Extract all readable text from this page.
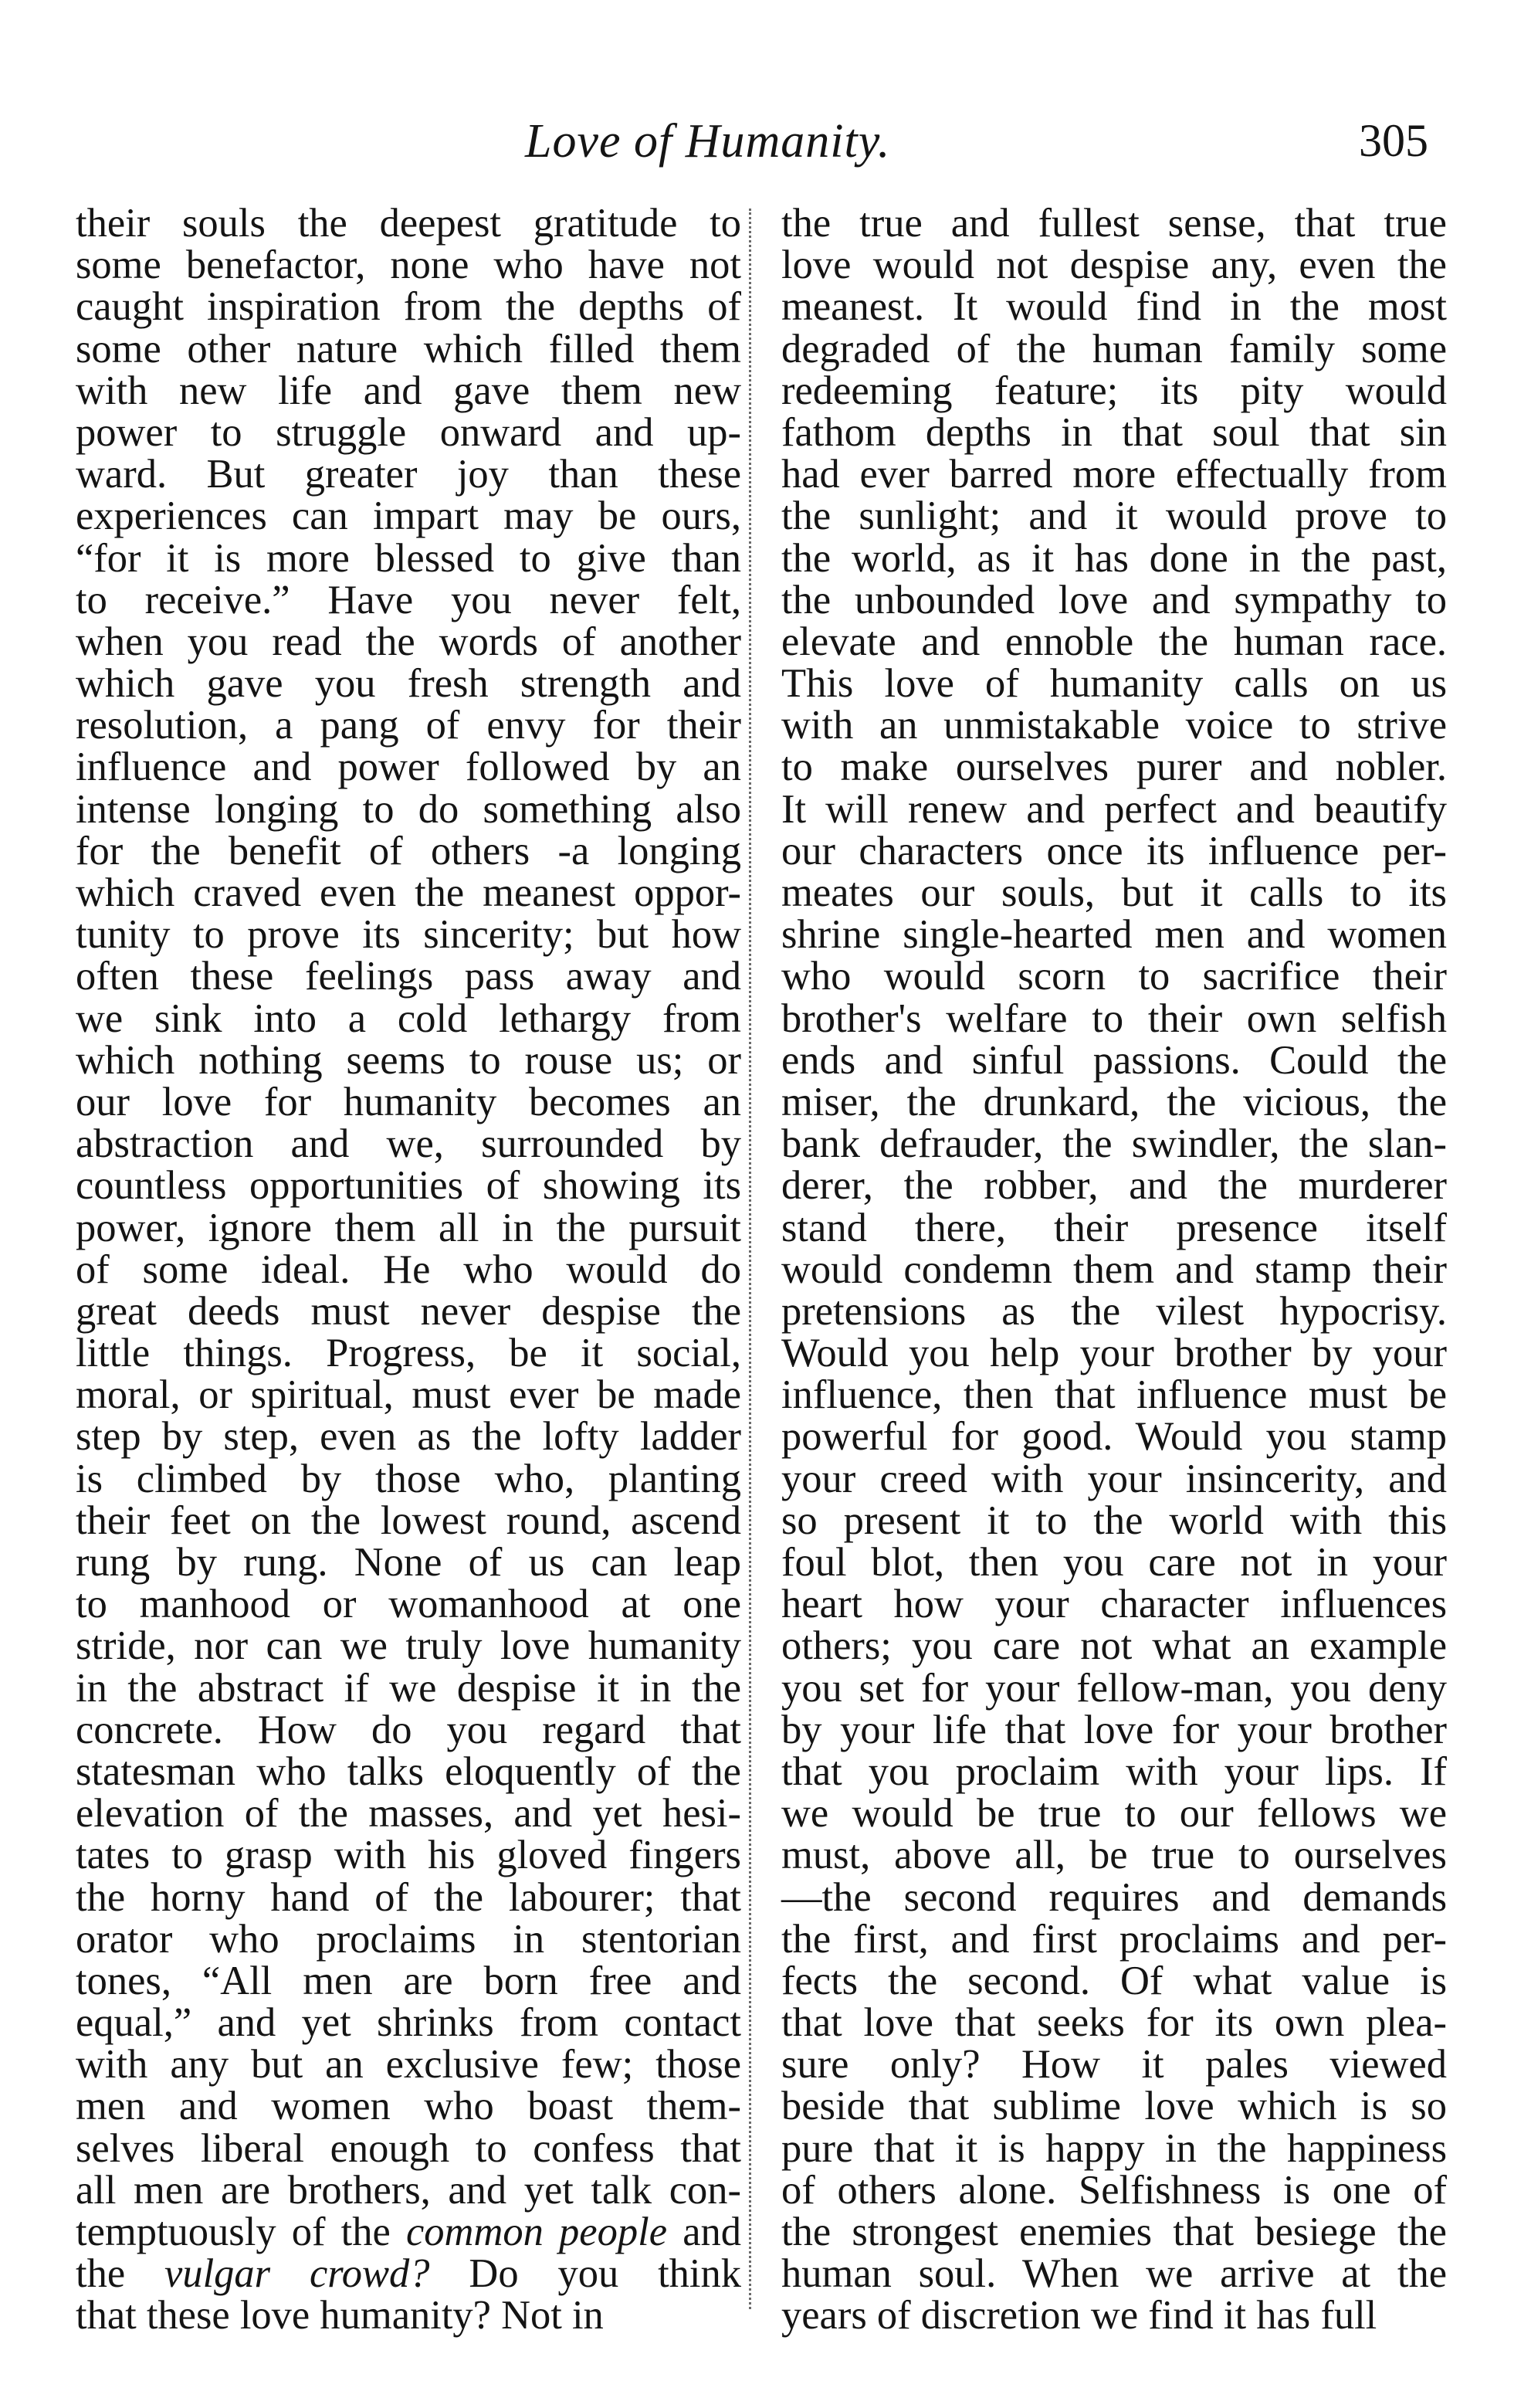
Love of Humanity.	305
their souls the deepest gratitude to
some benefactor, none who have not
caught inspiration from the depths of
some other nature which filled them
with new life and gave them new
power to struggle onward and up-
ward. But greater joy than these
experiences can impart may be ours,
“for it is more blessed to give than
to receive.” Have you never felt,
when you read the words of another
which gave you fresh strength and
resolution, a pang of envy for their
influence and power followed by an
intense longing to do something also
for the benefit of others -a longing
which craved even the meanest oppor-
tunity to prove its sincerity; but how
often these feelings pass away and
we sink into a cold lethargy from
which nothing seems to rouse us; or
our love for humanity becomes an
abstraction and we, surrounded by
countless opportunities of showing its
power, ignore them all in the pursuit
of some ideal. He who would do
great deeds must never despise the
little things. Progress, be it social,
moral, or spiritual, must ever be made
step by step, even as the lofty ladder
is climbed by those who, planting
their feet on the lowest round, ascend
rung by rung. None of us can leap
to manhood or womanhood at one
stride, nor can we truly love humanity
in the abstract if we despise it in the
concrete. How do you regard that
statesman who talks eloquently of the
elevation of the masses, and yet hesi-
tates to grasp with his gloved fingers
the horny hand of the labourer; that
orator who proclaims in stentorian
tones, “All men are born free and
equal,” and yet shrinks from contact
with any but an exclusive few; those
men and women who boast them-
selves liberal enough to confess that
all men are brothers, and yet talk con-
temptuously of the common people and
the vulgar crowd? Do you think
that these love humanity? Not in
the true and fullest sense, that true
love would not despise any, even the
meanest. It would find in the most
degraded of the human family some
redeeming feature; its pity would
fathom depths in that soul that sin
had ever barred more effectually from
the sunlight; and it would prove to
the world, as it has done in the past,
the unbounded love and sympathy to
elevate and ennoble the human race.
This love of humanity calls on us
with an unmistakable voice to strive
to make ourselves purer and nobler.
It will renew and perfect and beautify
our characters once its influence per-
meates our souls, but it calls to its
shrine single-hearted men and women
who would scorn to sacrifice their
brother's welfare to their own selfish
ends and sinful passions. Could the
miser, the drunkard, the vicious, the
bank defrauder, the swindler, the slan-
derer, the robber, and the murderer
stand there, their presence itself
would condemn them and stamp their
pretensions as the vilest hypocrisy.
Would you help your brother by your
influence, then that influence must be
powerful for good. Would you stamp
your creed with your insincerity, and
so present it to the world with this
foul blot, then you care not in your
heart how your character influences
others; you care not what an example
you set for your fellow-man, you deny
by your life that love for your brother
that you proclaim with your lips. If
we would be true to our fellows we
must, above all, be true to ourselves
—the second requires and demands
the first, and first proclaims and per-
fects the second. Of what value is
that love that seeks for its own plea-
sure only? How it pales viewed
beside that sublime love which is so
pure that it is happy in the happiness
of others alone. Selfishness is one of
the strongest enemies that besiege the
human soul. When we arrive at the
years of discretion we find it has full
